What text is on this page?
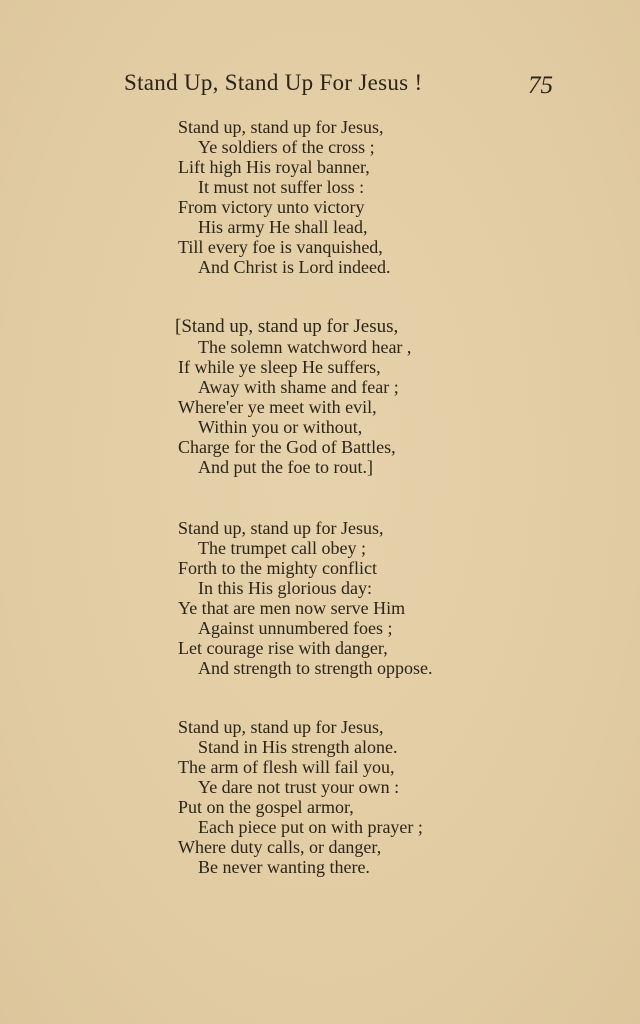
Stand Up, Stand Up For Jesus !	75
Stand up, stand up for Jesus,
Ye soldiers of the cross ;
Lift high His royal banner,
It must not suffer loss :
From victory unto victory
His army He shall lead,
Till every foe is vanquished,
And Christ is Lord indeed.
[Stand up, stand up for Jesus,
The solemn watchword hear ,
If while ye sleep He suffers,
Away with shame and fear ;
Where'er ye meet with evil,
Within you or without,
Charge for the God of Battles,
And put the foe to rout.]
Stand up, stand up for Jesus,
The trumpet call obey ;
Forth to the mighty conflict
In this His glorious day:
Ye that are men now serve Him
Against unnumbered foes ;
Let courage rise with danger,
And strength to strength oppose.
Stand up, stand up for Jesus,
Stand in His strength alone.
The arm of flesh will fail you,
Ye dare not trust your own :
Put on the gospel armor,
Each piece put on with prayer ;
Where duty calls, or danger,
Be never wanting there.
